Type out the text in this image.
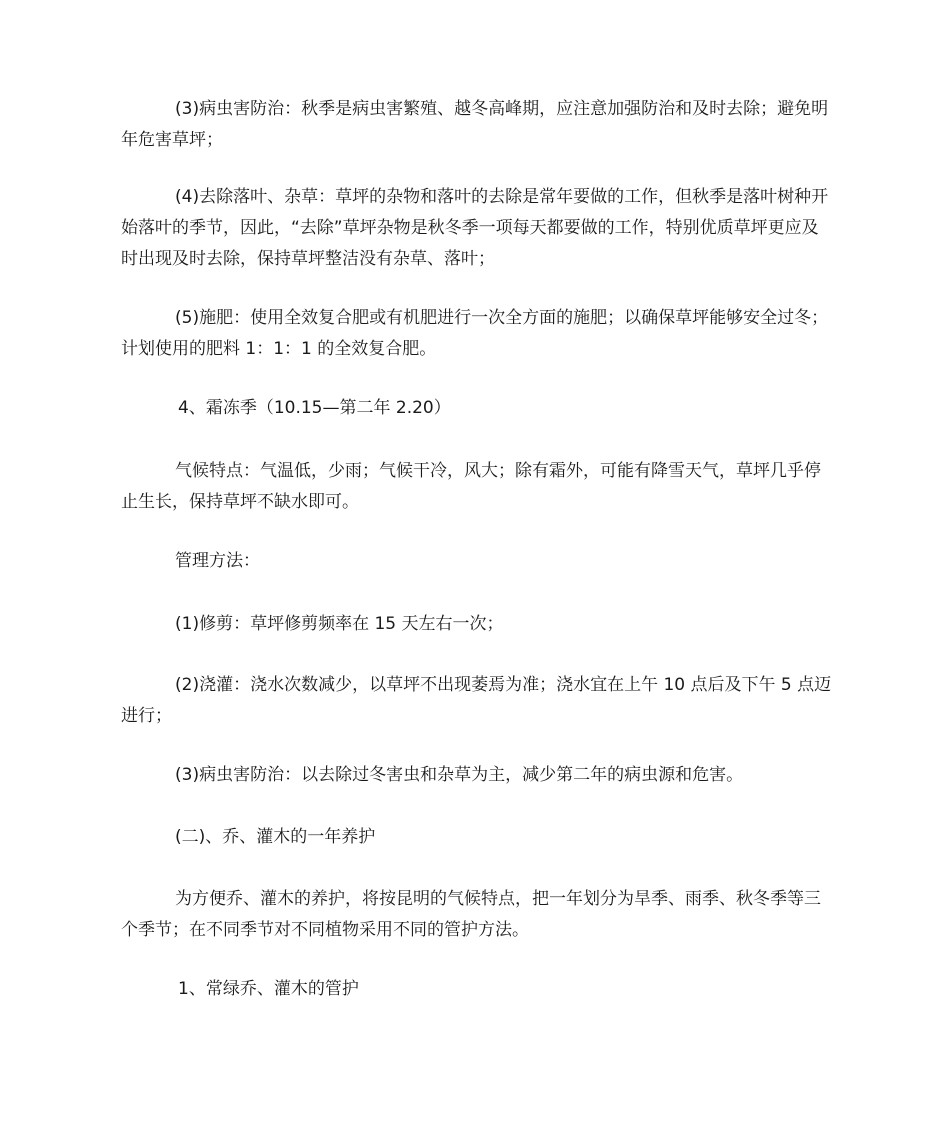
(3)病虫害防治：秋季是病虫害繁殖、越冬高峰期，应注意加强防治和及时去除；避免明年危害草坪；

(4)去除落叶、杂草：草坪的杂物和落叶的去除是常年要做的工作，但秋季是落叶树种开始落叶的季节，因此，“去除”草坪杂物是秋冬季一项每天都要做的工作，特别优质草坪更应及时出现及时去除，保持草坪整洁没有杂草、落叶；

(5)施肥：使用全效复合肥或有机肥进行一次全方面的施肥；以确保草坪能够安全过冬；计划使用的肥料 1：1：1 的全效复合肥。

4、霜冻季（10.15—第二年 2.20）

气候特点：气温低，少雨；气候干冷，风大；除有霜外，可能有降雪天气，草坪几乎停止生长，保持草坪不缺水即可。

管理方法：

(1)修剪：草坪修剪频率在 15 天左右一次；

(2)浇灌：浇水次数减少，以草坪不出现萎焉为准；浇水宜在上午 10 点后及下午 5 点迈进行；

(3)病虫害防治：以去除过冬害虫和杂草为主，减少第二年的病虫源和危害。

(二)、乔、灌木的一年养护

为方便乔、灌木的养护，将按昆明的气候特点，把一年划分为旱季、雨季、秋冬季等三个季节；在不同季节对不同植物采用不同的管护方法。

1、常绿乔、灌木的管护
